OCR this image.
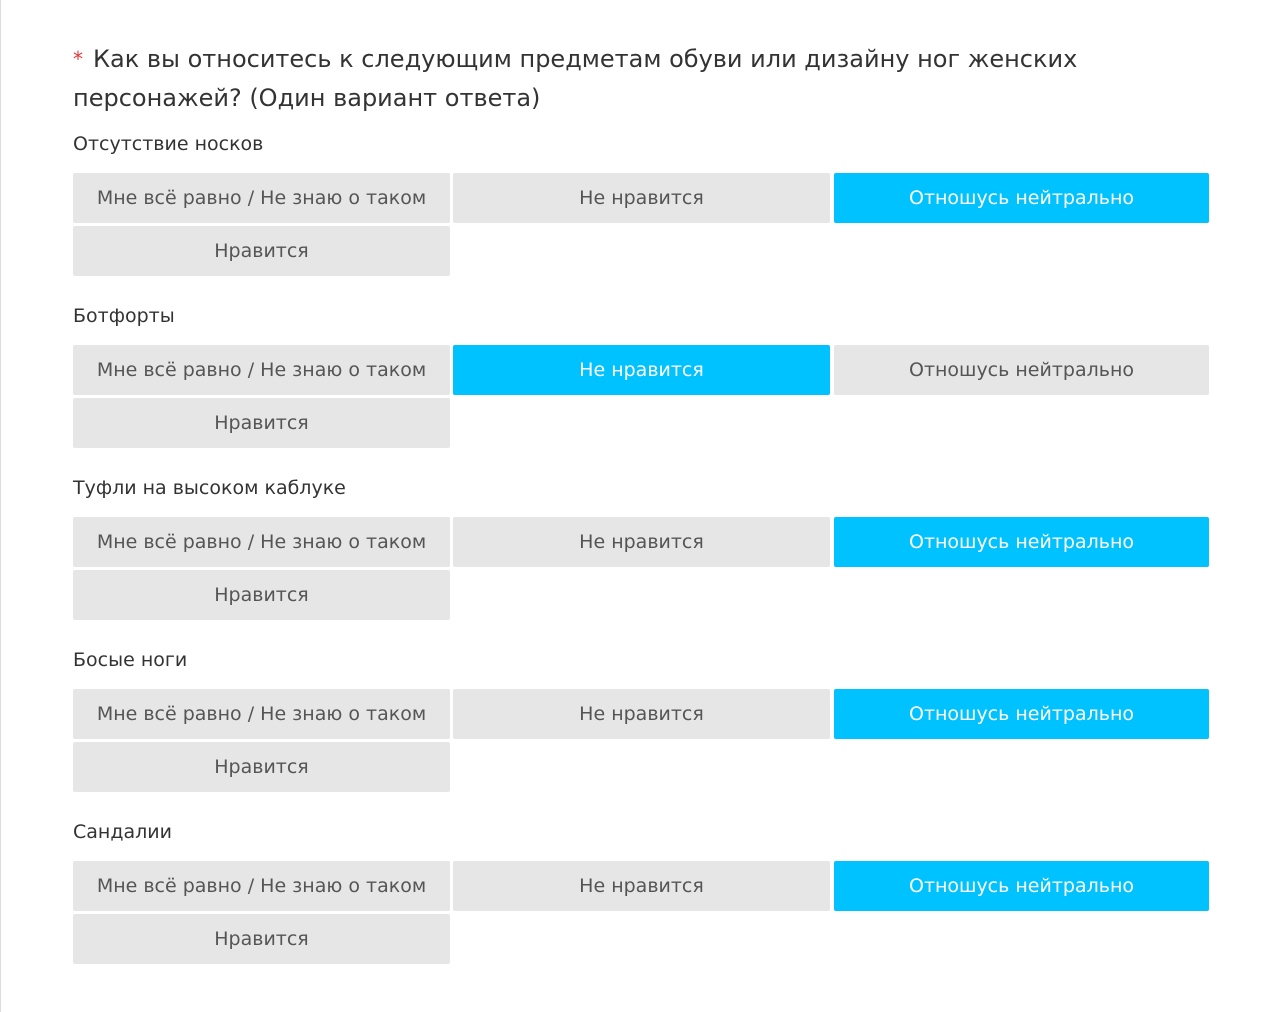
* Как вы относитесь к следующим предметам обуви или дизайну ног женских персонажей? (Один вариант ответа)
Отсутствие носков
Мне всё равно / Не знаю о таком	Не нравится	Отношусь нейтрально
Нравится
Ботфорты
Мне всё равно / Не знаю о таком	Не нравится	Отношусь нейтрально
Нравится
Туфли на высоком каблуке
Мне всё равно / Не знаю о таком	Не нравится	Отношусь нейтрально
Нравится
Босые ноги
Мне всё равно / Не знаю о таком	Не нравится	Отношусь нейтрально
Нравится
Сандалии
Мне всё равно / Не знаю о таком	Не нравится	Отношусь нейтрально
Нравится
